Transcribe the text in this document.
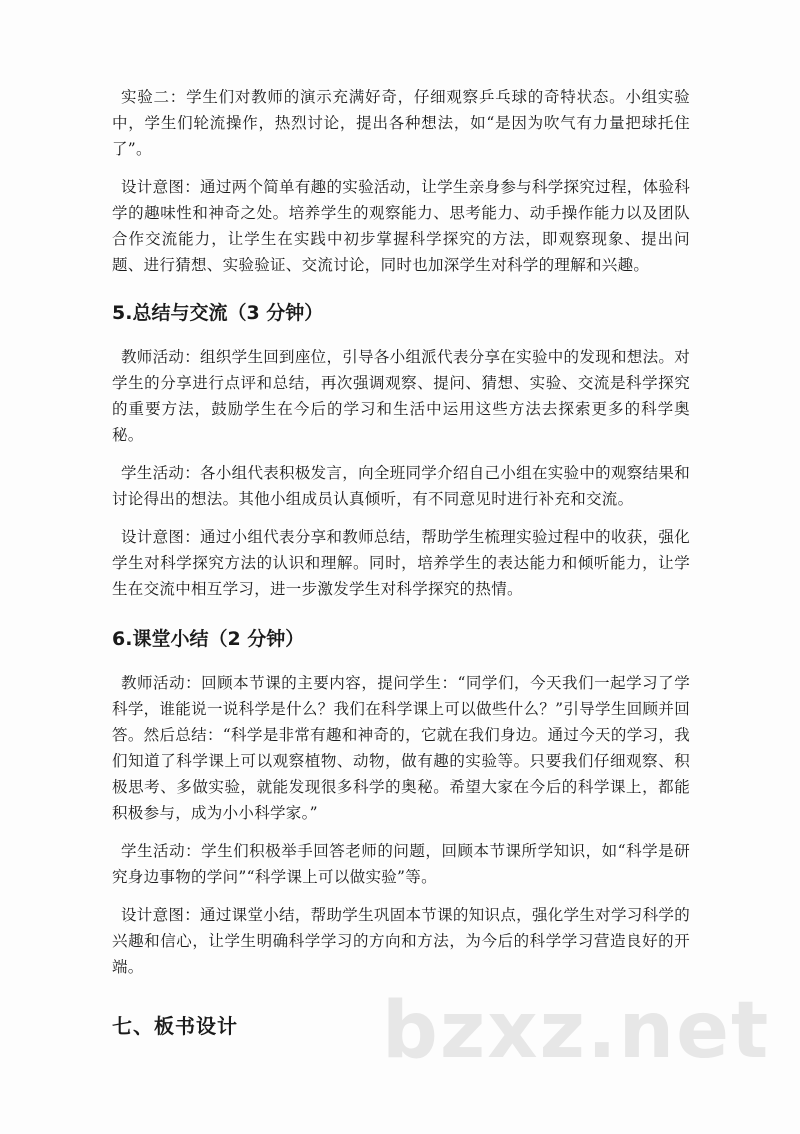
实验二：学生们对教师的演示充满好奇，仔细观察乒乓球的奇特状态。小组实验中，学生们轮流操作，热烈讨论，提出各种想法，如“是因为吹气有力量把球托住了”。

设计意图：通过两个简单有趣的实验活动，让学生亲身参与科学探究过程，体验科学的趣味性和神奇之处。培养学生的观察能力、思考能力、动手操作能力以及团队合作交流能力，让学生在实践中初步掌握科学探究的方法，即观察现象、提出问题、进行猜想、实验验证、交流讨论，同时也加深学生对科学的理解和兴趣。

5.总结与交流（3 分钟）

教师活动：组织学生回到座位，引导各小组派代表分享在实验中的发现和想法。对学生的分享进行点评和总结，再次强调观察、提问、猜想、实验、交流是科学探究的重要方法，鼓励学生在今后的学习和生活中运用这些方法去探索更多的科学奥秘。

学生活动：各小组代表积极发言，向全班同学介绍自己小组在实验中的观察结果和讨论得出的想法。其他小组成员认真倾听，有不同意见时进行补充和交流。

设计意图：通过小组代表分享和教师总结，帮助学生梳理实验过程中的收获，强化学生对科学探究方法的认识和理解。同时，培养学生的表达能力和倾听能力，让学生在交流中相互学习，进一步激发学生对科学探究的热情。

6.课堂小结（2 分钟）

教师活动：回顾本节课的主要内容，提问学生：“同学们，今天我们一起学习了学科学，谁能说一说科学是什么？我们在科学课上可以做些什么？”引导学生回顾并回答。然后总结：“科学是非常有趣和神奇的，它就在我们身边。通过今天的学习，我们知道了科学课上可以观察植物、动物，做有趣的实验等。只要我们仔细观察、积极思考、多做实验，就能发现很多科学的奥秘。希望大家在今后的科学课上，都能积极参与，成为小小科学家。”

学生活动：学生们积极举手回答老师的问题，回顾本节课所学知识，如“科学是研究身边事物的学问”“科学课上可以做实验”等。

设计意图：通过课堂小结，帮助学生巩固本节课的知识点，强化学生对学习科学的兴趣和信心，让学生明确科学学习的方向和方法，为今后的科学学习营造良好的开端。

七、板书设计	bzxz.net
